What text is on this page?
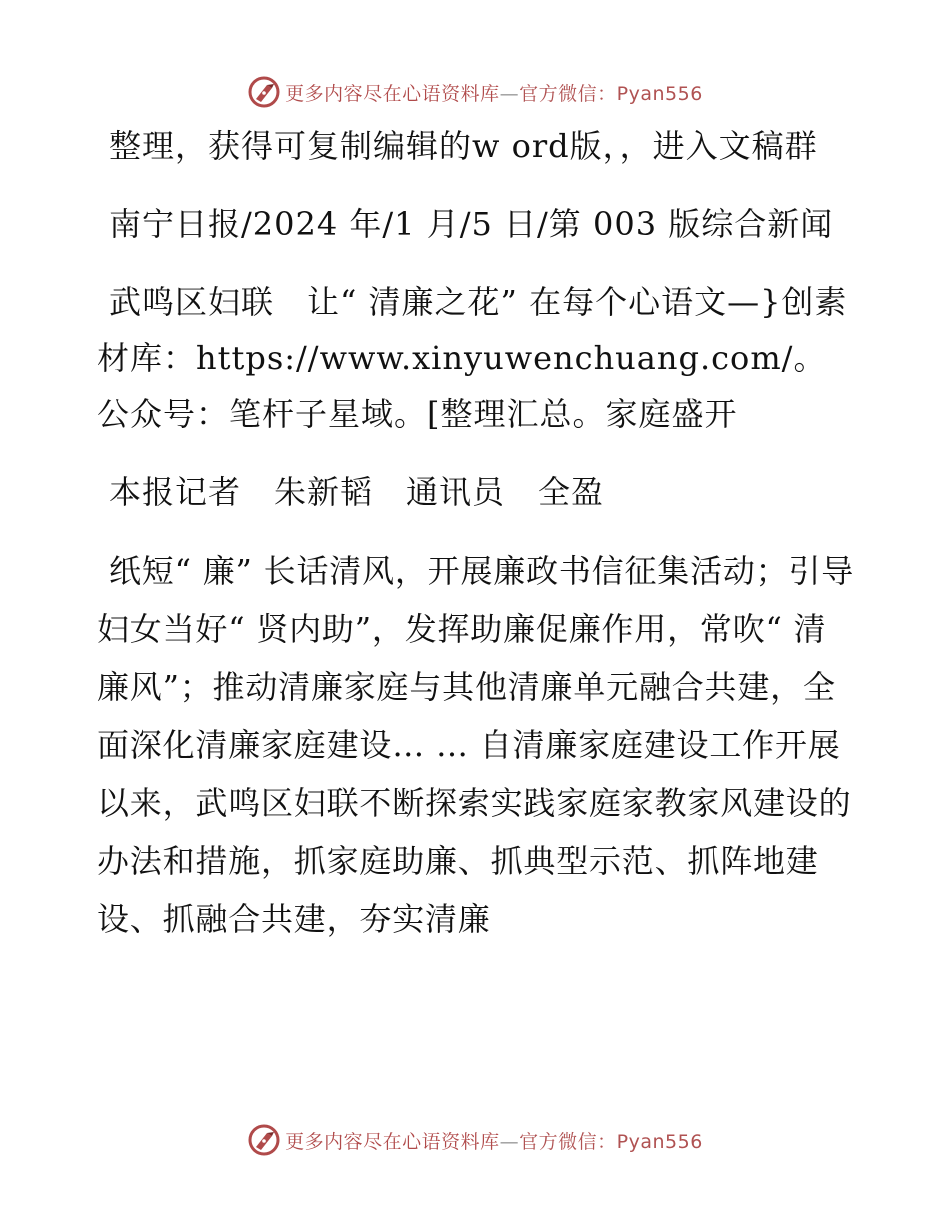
更多内容尽在心语资料库—官方微信：Pyan556

整理，获得可复制编辑的w ord版，，进入文稿群

南宁日报/2024 年/1 月/5 日/第 003 版综合新闻

武鸣区妇联　让“ 清廉之花” 在每个心语文—}创素材库：https://www.xinyuwenchuang.com/。公众号：笔杆子星域。[整理汇总。家庭盛开

本报记者　朱新韬　通讯员　全盈

纸短“ 廉” 长话清风，开展廉政书信征集活动；引导妇女当好“ 贤内助”，发挥助廉促廉作用，常吹“ 清廉风”；推动清廉家庭与其他清廉单元融合共建，全面深化清廉家庭建设… … 自清廉家庭建设工作开展以来，武鸣区妇联不断探索实践家庭家教家风建设的办法和措施，抓家庭助廉、抓典型示范、抓阵地建设、抓融合共建，夯实清廉

更多内容尽在心语资料库—官方微信：Pyan556
